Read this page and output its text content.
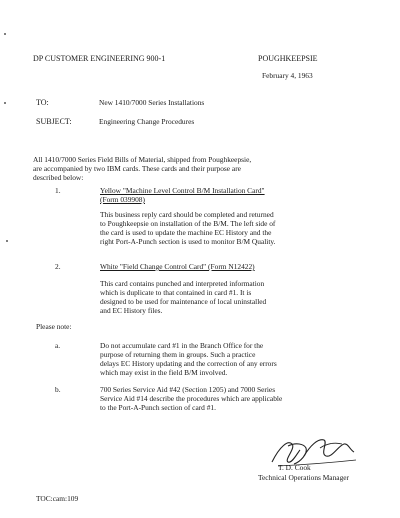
DP CUSTOMER ENGINEERING 900-1	POUGHKEEPSIE
February 4, 1963
TO:	New 1410/7000 Series Installations
SUBJECT:	Engineering Change Procedures
All 1410/7000 Series Field Bills of Material, shipped from Poughkeepsie,
are accompanied by two IBM cards. These cards and their purpose are
described below:
1.	Yellow "Machine Level Control B/M Installation Card"
(Form 039908)
This business reply card should be completed and returned
to Poughkeepsie on installation of the B/M. The left side of
the card is used to update the machine EC History and the
right Port-A-Punch section is used to monitor B/M Quality.
2.	White "Field Change Control Card" (Form N12422)
This card contains punched and interpreted information
which is duplicate to that contained in card #1. It is
designed to be used for maintenance of local uninstalled
and EC History files.
Please note:
a.	Do not accumulate card #1 in the Branch Office for the
purpose of returning them in groups. Such a practice
delays EC History updating and the correction of any errors
which may exist in the field B/M involved.
b.	700 Series Service Aid #42 (Section 1205) and 7000 Series
Service Aid #14 describe the procedures which are applicable
to the Port-A-Punch section of card #1.
T. D. Cook
Technical Operations Manager
TOC:cam:109
